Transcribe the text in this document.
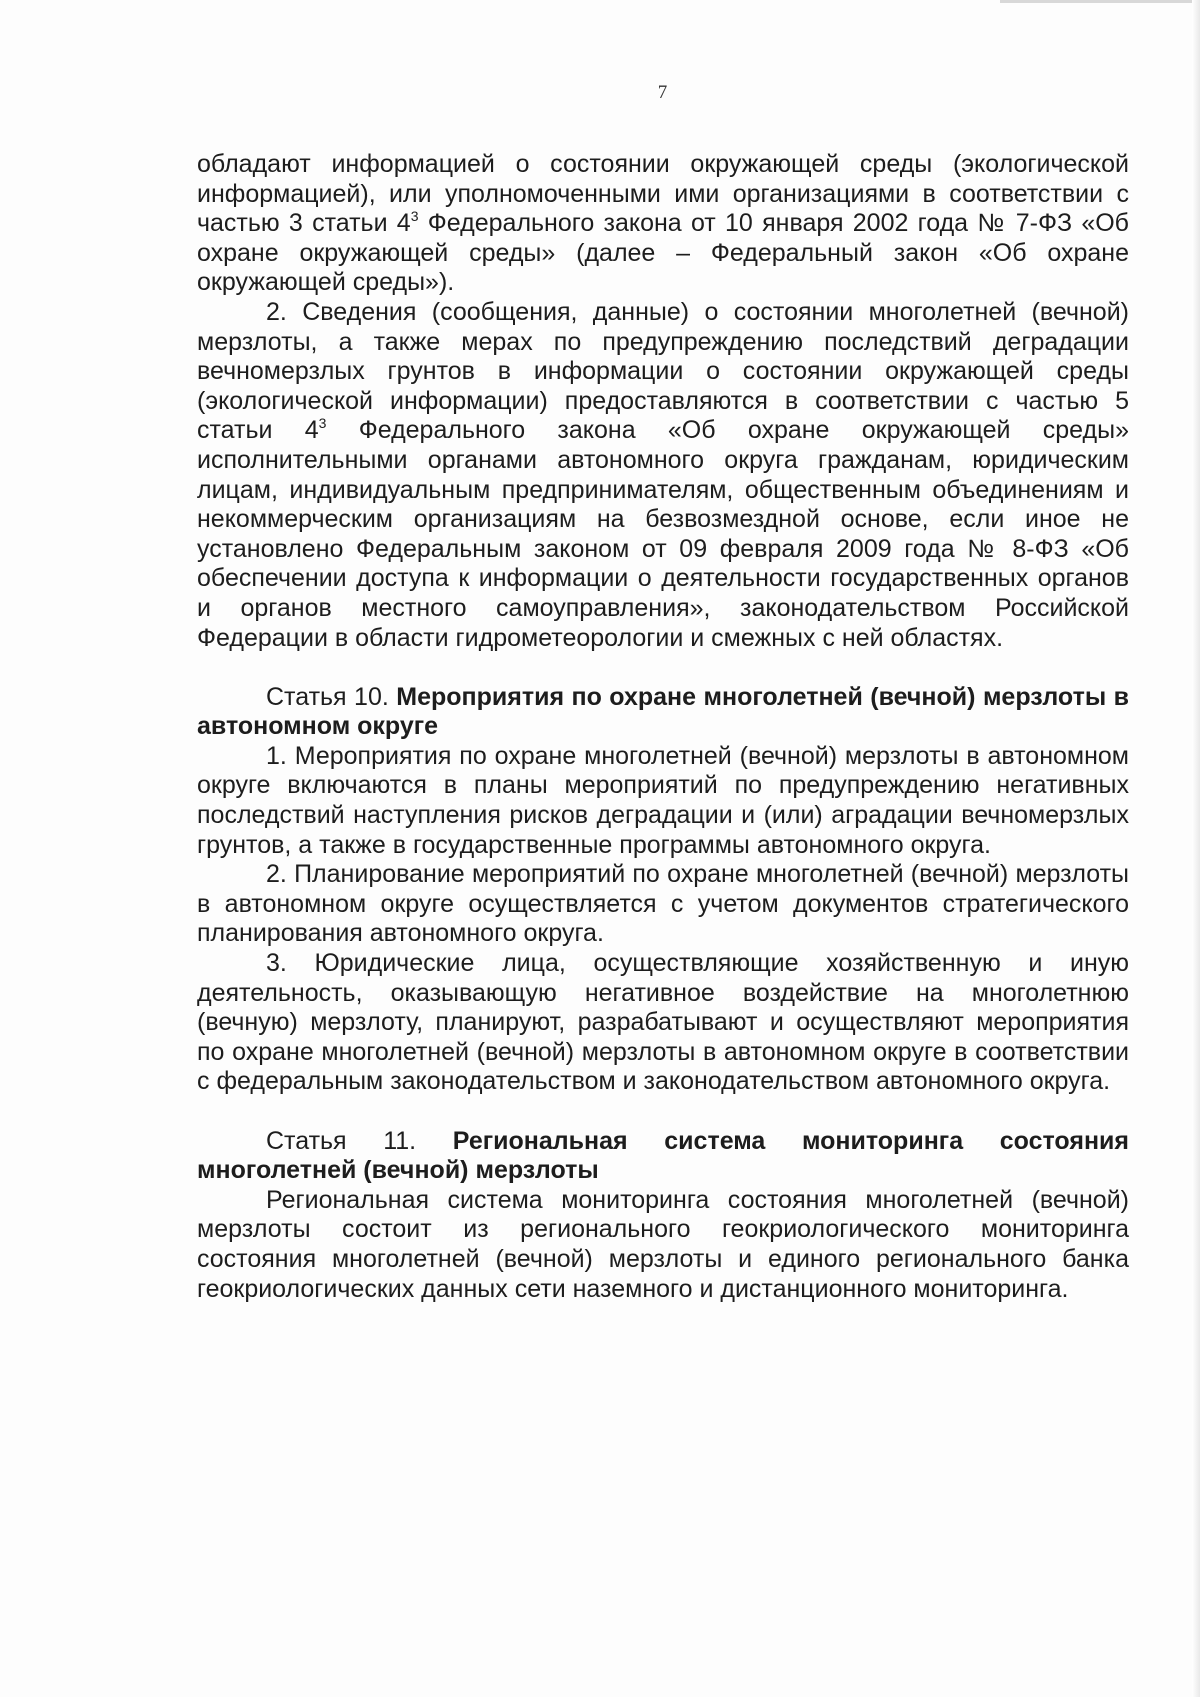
7

обладают информацией о состоянии окружающей среды (экологической информацией), или уполномоченными ими организациями в соответствии с частью 3 статьи $4^3$ Федерального закона от 10 января 2002 года № 7-ФЗ «Об охране окружающей среды» (далее – Федеральный закон «Об охране окружающей среды»).

2. Сведения (сообщения, данные) о состоянии многолетней (вечной) мерзлоты, а также мерах по предупреждению последствий деградации вечномерзлых грунтов в информации о состоянии окружающей среды (экологической информации) предоставляются в соответствии с частью 5 статьи $4^3$ Федерального закона «Об охране окружающей среды» исполнительными органами автономного округа гражданам, юридическим лицам, индивидуальным предпринимателям, общественным объединениям и некоммерческим организациям на безвозмездной основе, если иное не установлено Федеральным законом от 09 февраля 2009 года № 8-ФЗ «Об обеспечении доступа к информации о деятельности государственных органов и органов местного самоуправления», законодательством Российской Федерации в области гидрометеорологии и смежных с ней областях.

Статья 10. Мероприятия по охране многолетней (вечной) мерзлоты в автономном округе

1. Мероприятия по охране многолетней (вечной) мерзлоты в автономном округе включаются в планы мероприятий по предупреждению негативных последствий наступления рисков деградации и (или) аградации вечномерзлых грунтов, а также в государственные программы автономного округа.

2. Планирование мероприятий по охране многолетней (вечной) мерзлоты в автономном округе осуществляется с учетом документов стратегического планирования автономного округа.

3. Юридические лица, осуществляющие хозяйственную и иную деятельность, оказывающую негативное воздействие на многолетнюю (вечную) мерзлоту, планируют, разрабатывают и осуществляют мероприятия по охране многолетней (вечной) мерзлоты в автономном округе в соответствии с федеральным законодательством и законодательством автономного округа.

Статья 11. Региональная система мониторинга состояния многолетней (вечной) мерзлоты

Региональная система мониторинга состояния многолетней (вечной) мерзлоты состоит из регионального геокриологического мониторинга состояния многолетней (вечной) мерзлоты и единого регионального банка геокриологических данных сети наземного и дистанционного мониторинга.
